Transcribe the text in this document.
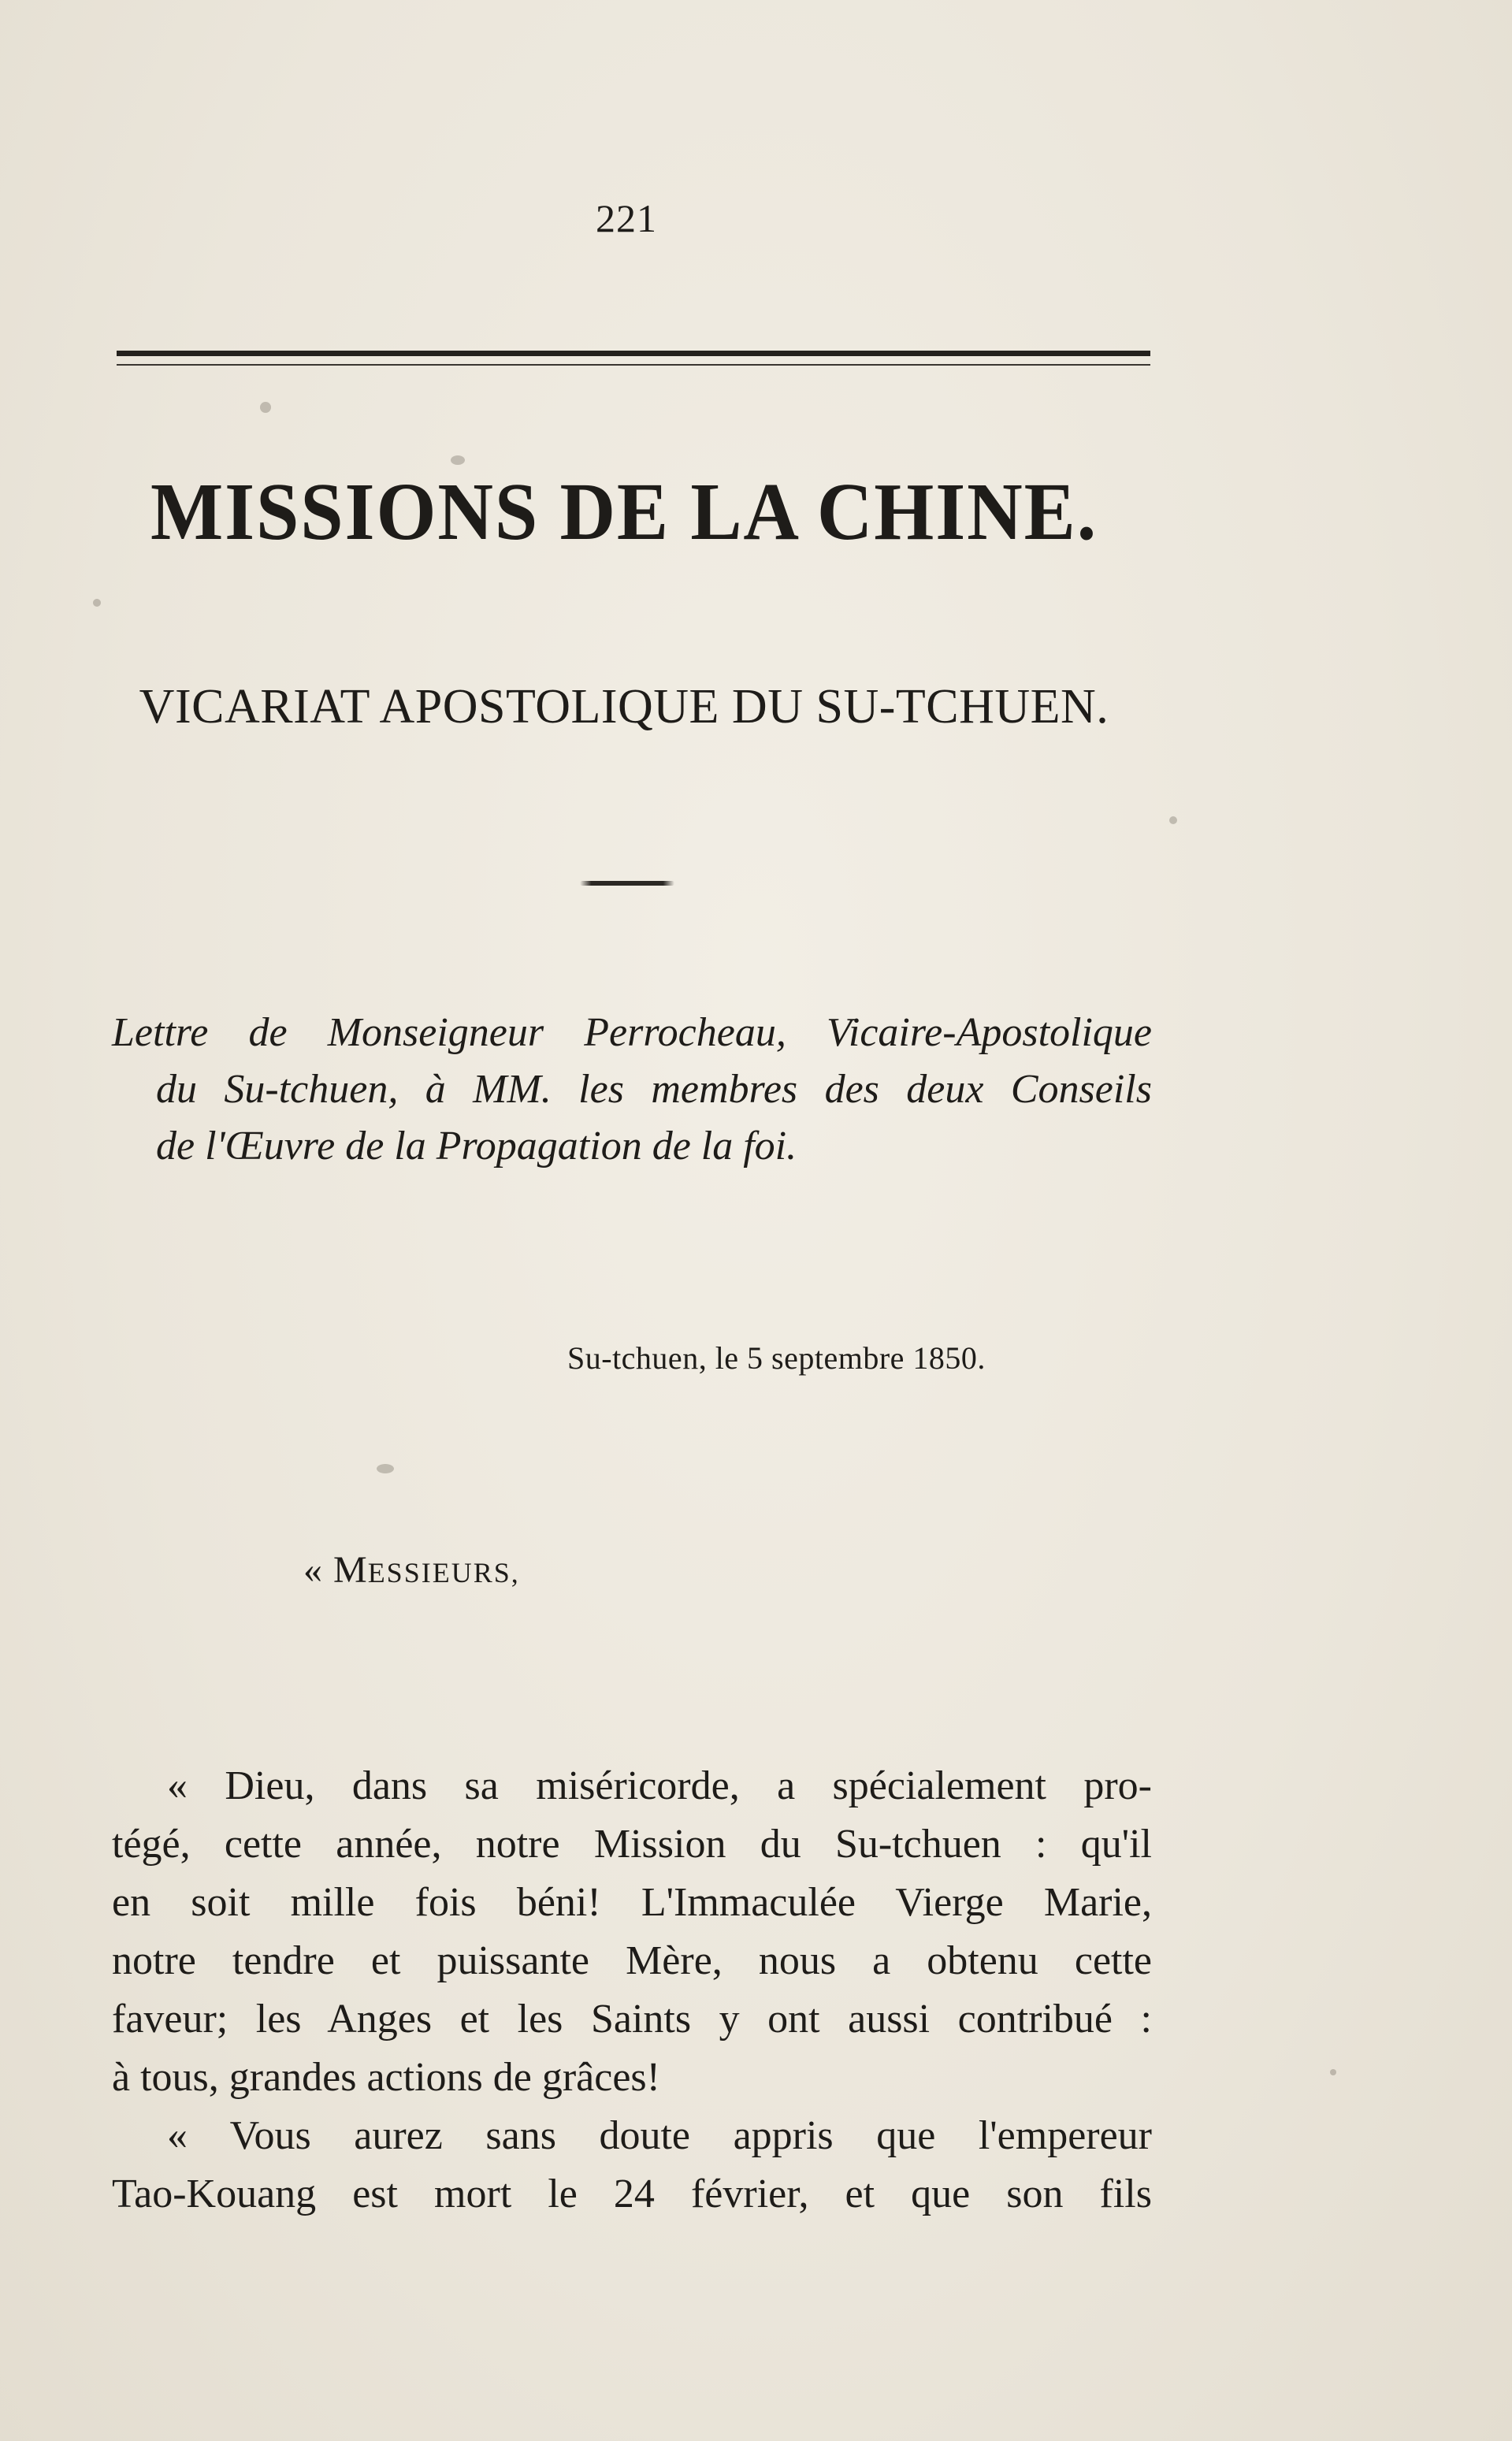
221
MISSIONS DE LA CHINE.
VICARIAT APOSTOLIQUE DU SU-TCHUEN.
Lettre de Monseigneur Perrocheau, Vicaire-Apostolique
du Su-tchuen, à MM. les membres des deux Conseils
de l'Œuvre de la Propagation de la foi.
Su-tchuen, le 5 septembre 1850.
« MESSIEURS,
« Dieu, dans sa miséricorde, a spécialement pro-
tégé, cette année, notre Mission du Su-tchuen : qu'il
en soit mille fois béni! L'Immaculée Vierge Marie,
notre tendre et puissante Mère, nous a obtenu cette
faveur; les Anges et les Saints y ont aussi contribué :
à tous, grandes actions de grâces!
« Vous aurez sans doute appris que l'empereur
Tao-Kouang est mort le 24 février, et que son fils
